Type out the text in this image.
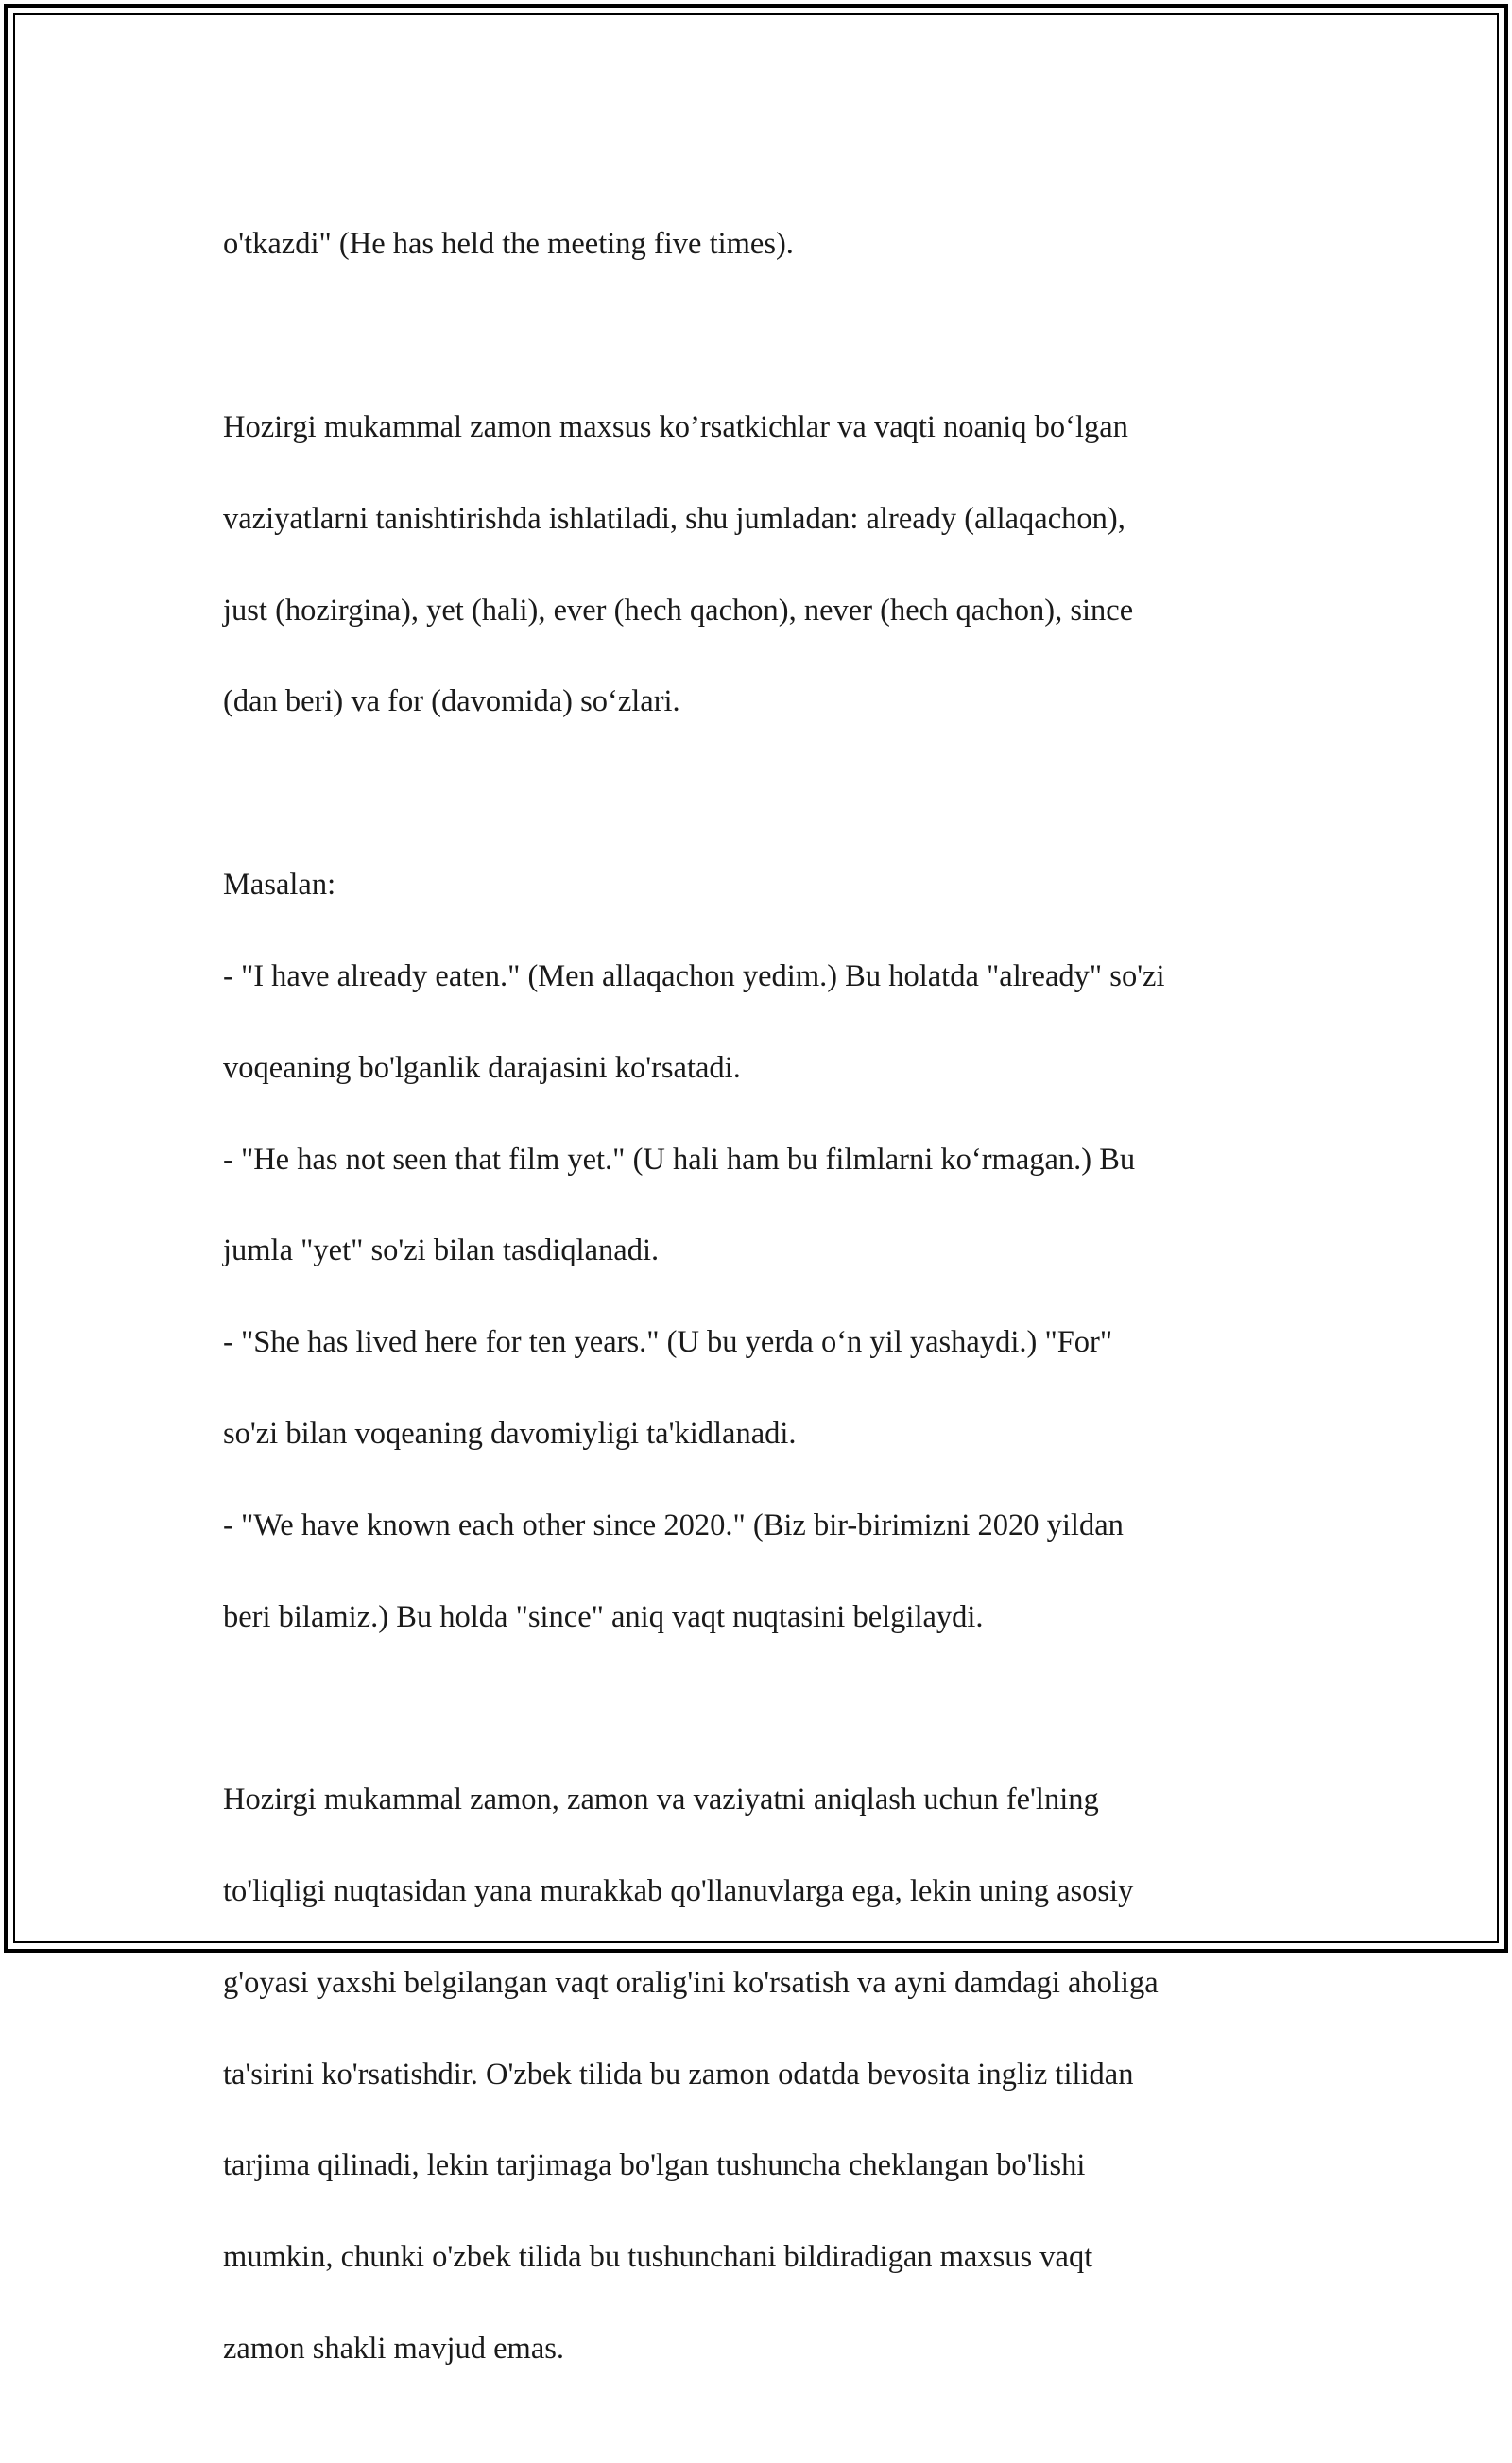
o'tkazdi" (He has held the meeting five times).

Hozirgi mukammal zamon maxsus ko’rsatkichlar va vaqti noaniq bo‘lgan

vaziyatlarni tanishtirishda ishlatiladi, shu jumladan: already (allaqachon),

just (hozirgina), yet (hali), ever (hech qachon), never (hech qachon), since

(dan beri) va for (davomida) so‘zlari.

Masalan:

- "I have already eaten." (Men allaqachon yedim.) Bu holatda "already" so'zi

voqeaning bo'lganlik darajasini ko'rsatadi.

- "He has not seen that film yet." (U hali ham bu filmlarni ko‘rmagan.) Bu

jumla "yet" so'zi bilan tasdiqlanadi.

- "She has lived here for ten years." (U bu yerda o‘n yil yashaydi.) "For"

so'zi bilan voqeaning davomiyligi ta'kidlanadi.

- "We have known each other since 2020." (Biz bir-birimizni 2020 yildan

beri bilamiz.) Bu holda "since" aniq vaqt nuqtasini belgilaydi.

Hozirgi mukammal zamon, zamon va vaziyatni aniqlash uchun fe'lning

to'liqligi nuqtasidan yana murakkab qo'llanuvlarga ega, lekin uning asosiy

g'oyasi yaxshi belgilangan vaqt oralig'ini ko'rsatish va ayni damdagi aholiga

ta'sirini ko'rsatishdir. O'zbek tilida bu zamon odatda bevosita ingliz tilidan

tarjima qilinadi, lekin tarjimaga bo'lgan tushuncha cheklangan bo'lishi

mumkin, chunki o'zbek tilida bu tushunchani bildiradigan maxsus vaqt

zamon shakli mavjud emas.
